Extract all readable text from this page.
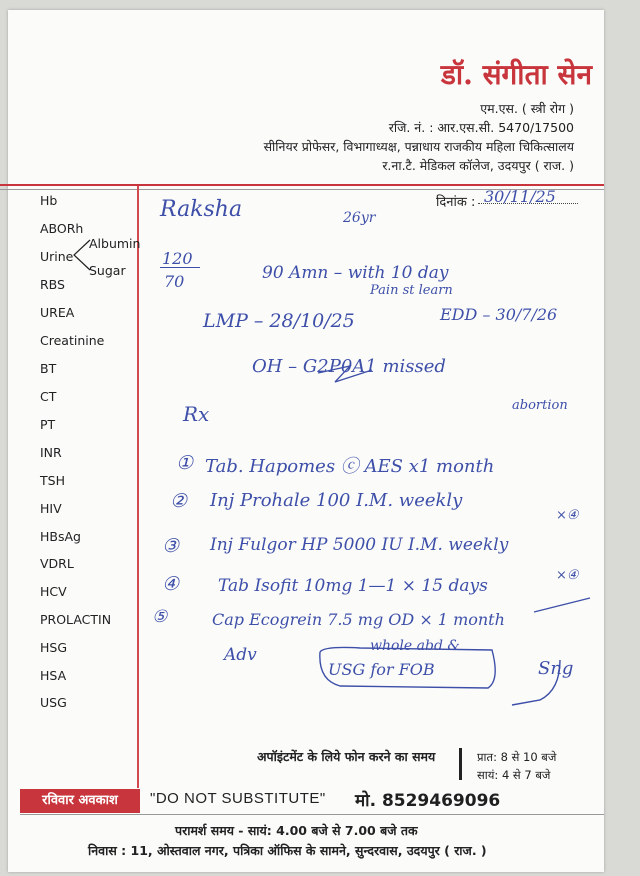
डॉ. संगीता सेन
एम.एस. ( स्त्री रोग )
रजि. नं. : आर.एस.सी. 5470/17500
सीनियर प्रोफेसर, विभागाध्यक्ष, पन्नाधाय राजकीय महिला चिकित्सालय
र.ना.टै. मेडिकल कॉलेज, उदयपुर ( राज. )
दिनांक : 30/11/25
Hb
ABORh
Urine
Albumin
Sugar
RBS
UREA
Creatinine
BT
CT
PT
INR
TSH
HIV
HBsAg
VDRL
HCV
PROLACTIN
HSG
HSA
USG
Raksha	26yr
120
70	90 Amn – with 10 day
Pain st learn
LMP – 28/10/25	EDD – 30/7/26
OH – G2P0A1 missed
abortion
Rx
① Tab. Hapomes ⓒ AES x1 month
② Inj Prohale 100 I.M. weekly
×④
③ Inj Fulgor HP 5000 IU I.M. weekly
×④
④ Tab Isofit 10mg 1—1 × 15 days
⑤	Cap Ecogrein 7.5 mg OD × 1 month
Adv	whole abd &
USG for FOB	Sng
अपॉइंटमेंट के लिये फोन करने का समय	प्रात: 8 से 10 बजे
सायं: 4 से 7 बजे
रविवार अवकाश	"DO NOT SUBSTITUTE" मो. 8529469096
परामर्श समय - सायं: 4.00 बजे से 7.00 बजे तक
निवास : 11, ओस्तवाल नगर, पत्रिका ऑफिस के सामने, सुन्दरवास, उदयपुर ( राज. )
